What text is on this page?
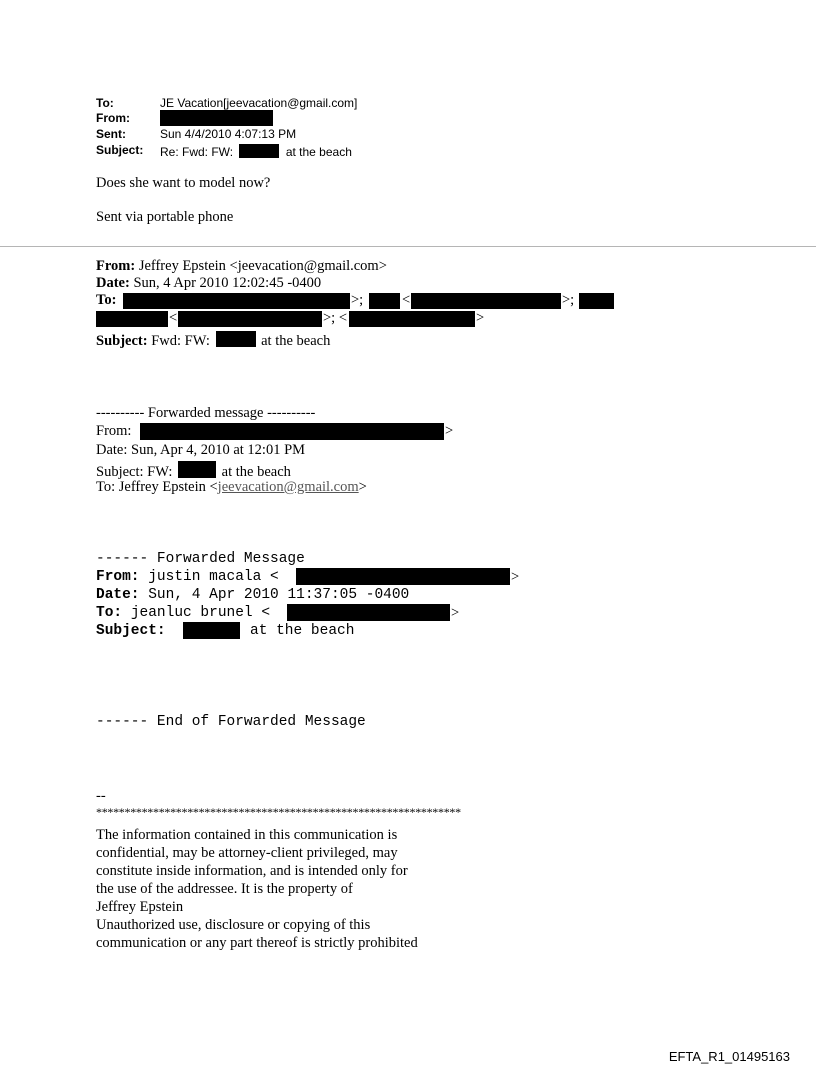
To:	JE Vacation[jeevacation@gmail.com]
From:
Sent:	Sun 4/4/2010 4:07:13 PM
Subject: Re: Fwd: FW:	at the beach
Does she want to model now?
Sent via portable phone
From: Jeffrey Epstein <jeevacation@gmail.com>
Date: Sun, 4 Apr 2010 12:02:45 -0400
To:	>;	<	>;
<	>; <	>
Subject: Fwd: FW:	at the beach
---------- Forwarded message ----------
From:	>
Date: Sun, Apr 4, 2010 at 12:01 PM
Subject: FW:	at the beach
To: Jeffrey Epstein <jeevacation@gmail.com>
------ Forwarded Message
From: justin macala <	>
Date: Sun, 4 Apr 2010 11:37:05 -0400
To: jeanluc brunel <	>
Subject:	at the beach
------ End of Forwarded Message
--
****************************************************************
The information contained in this communication is
confidential, may be attorney-client privileged, may
constitute inside information, and is intended only for
the use of the addressee. It is the property of
Jeffrey Epstein
Unauthorized use, disclosure or copying of this
communication or any part thereof is strictly prohibited
EFTA_R1_01495163
